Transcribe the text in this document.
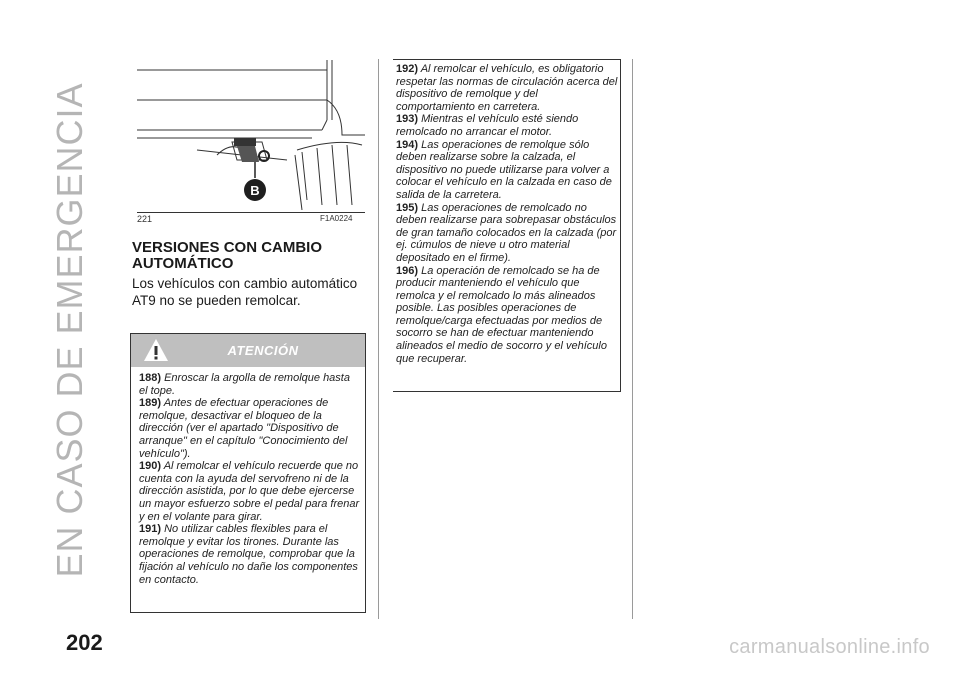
EN CASO DE EMERGENCIA	B
221	F1A0224
VERSIONES CON CAMBIO AUTOMÁTICO
Los vehículos con cambio automático AT9 no se pueden remolcar.
ATENCIÓN

188) Enroscar la argolla de remolque hasta el tope.

189) Antes de efectuar operaciones de remolque, desactivar el bloqueo de la dirección (ver el apartado "Dispositivo de arranque" en el capítulo "Conocimiento del vehículo").

190) Al remolcar el vehículo recuerde que no cuenta con la ayuda del servofreno ni de la dirección asistida, por lo que debe ejercerse un mayor esfuerzo sobre el pedal para frenar y en el volante para girar.

191) No utilizar cables flexibles para el remolque y evitar los tirones. Durante las operaciones de remolque, comprobar que la fijación al vehículo no dañe los componentes en contacto.

192) Al remolcar el vehículo, es obligatorio respetar las normas de circulación acerca del dispositivo de remolque y del comportamiento en carretera.

193) Mientras el vehículo esté siendo remolcado no arrancar el motor.

194) Las operaciones de remolque sólo deben realizarse sobre la calzada, el dispositivo no puede utilizarse para volver a colocar el vehículo en la calzada en caso de salida de la carretera.

195) Las operaciones de remolcado no deben realizarse para sobrepasar obstáculos de gran tamaño colocados en la calzada (por ej. cúmulos de nieve u otro material depositado en el firme).

196) La operación de remolcado se ha de producir manteniendo el vehículo que remolca y el remolcado lo más alineados posible. Las posibles operaciones de remolque/carga efectuadas por medios de socorro se han de efectuar manteniendo alineados el medio de socorro y el vehículo que recuperar.

202	carmanualsonline.info
